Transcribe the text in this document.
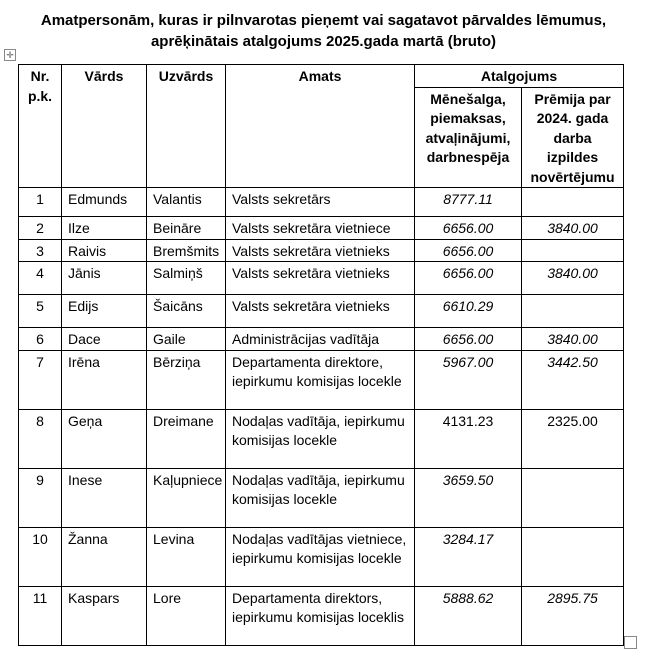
Amatpersonām, kuras ir pilnvarotas pieņemt vai sagatavot pārvaldes lēmumus,
aprēķinātais atalgojums 2025.gada martā (bruto)
✛
Nr. p.k.	Vārds	Uzvārds	Amats	Atalgojums	
				Mēnešalga, piemaksas, atvaļinājumi, darbnespēja	Prēmija par 2024. gada darba izpildes novērtējumu
1	Edmunds	Valantis	Valsts sekretārs	8777.11	
2	Ilze	Beināre	Valsts sekretāra vietniece	6656.00	3840.00
3	Raivis	Bremšmits	Valsts sekretāra vietnieks	6656.00	
4	Jānis	Salmiņš	Valsts sekretāra vietnieks	6656.00	3840.00
5	Edijs	Šaicāns	Valsts sekretāra vietnieks	6610.29	
6	Dace	Gaile	Administrācijas vadītāja	6656.00	3840.00
7	Irēna	Bērziņa	Departamenta direktore, iepirkumu komisijas locekle	5967.00	3442.50
8	Geņa	Dreimane	Nodaļas vadītāja, iepirkumu komisijas locekle	4131.23	2325.00
9	Inese	Kaļupniece	Nodaļas vadītāja, iepirkumu komisijas locekle	3659.50	
10	Žanna	Levina	Nodaļas vadītājas vietniece, iepirkumu komisijas locekle	3284.17	
11	Kaspars	Lore	Departamenta direktors, iepirkumu komisijas loceklis	5888.62	2895.75
